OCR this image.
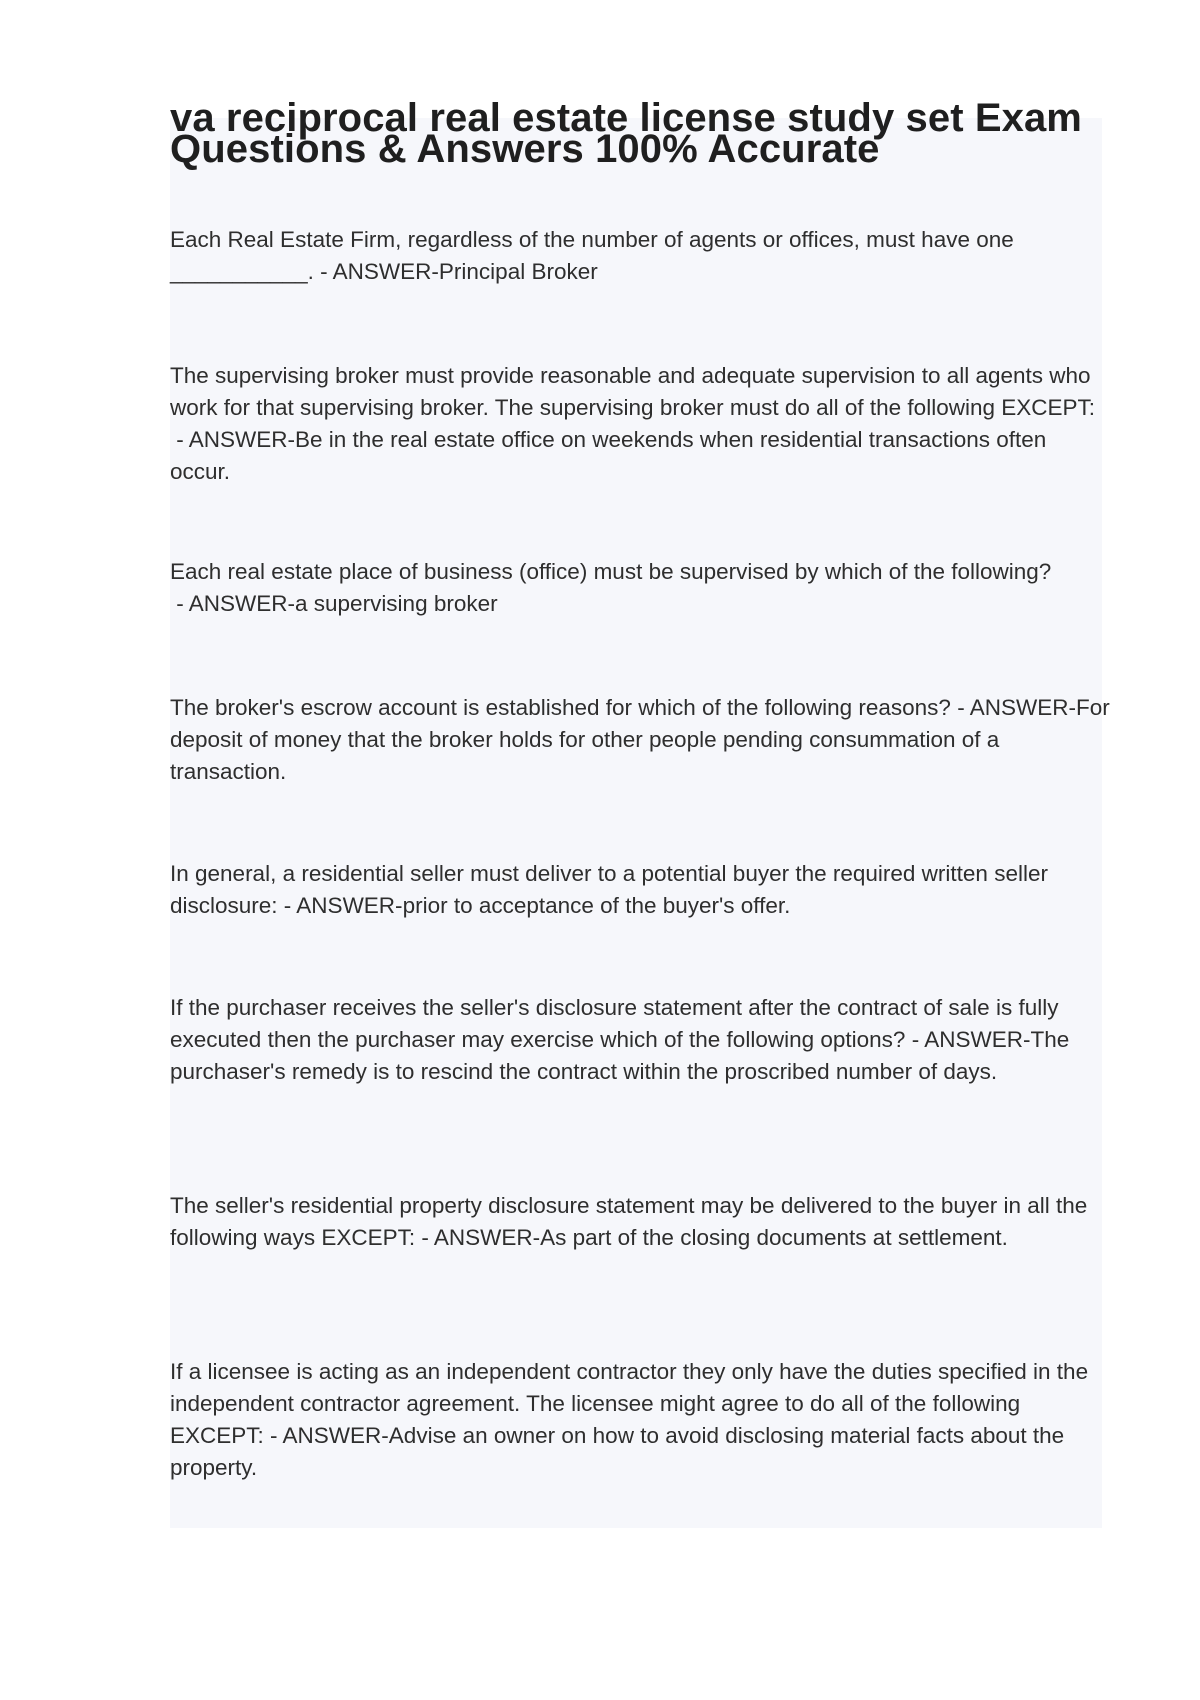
va reciprocal real estate license study set Exam Questions & Answers 100% Accurate

Each Real Estate Firm, regardless of the number of agents or offices, must have one ___________. - ANSWER-Principal Broker

The supervising broker must provide reasonable and adequate supervision to all agents who work for that supervising broker. The supervising broker must do all of the following EXCEPT: - ANSWER-Be in the real estate office on weekends when residential transactions often occur.

Each real estate place of business (office) must be supervised by which of the following? - ANSWER-a supervising broker

The broker's escrow account is established for which of the following reasons? - ANSWER-For deposit of money that the broker holds for other people pending consummation of a transaction.

In general, a residential seller must deliver to a potential buyer the required written seller disclosure: - ANSWER-prior to acceptance of the buyer's offer.

If the purchaser receives the seller's disclosure statement after the contract of sale is fully executed then the purchaser may exercise which of the following options? - ANSWER-The purchaser's remedy is to rescind the contract within the proscribed number of days.

The seller's residential property disclosure statement may be delivered to the buyer in all the following ways EXCEPT: - ANSWER-As part of the closing documents at settlement.

If a licensee is acting as an independent contractor they only have the duties specified in the independent contractor agreement. The licensee might agree to do all of the following EXCEPT: - ANSWER-Advise an owner on how to avoid disclosing material facts about the property.
